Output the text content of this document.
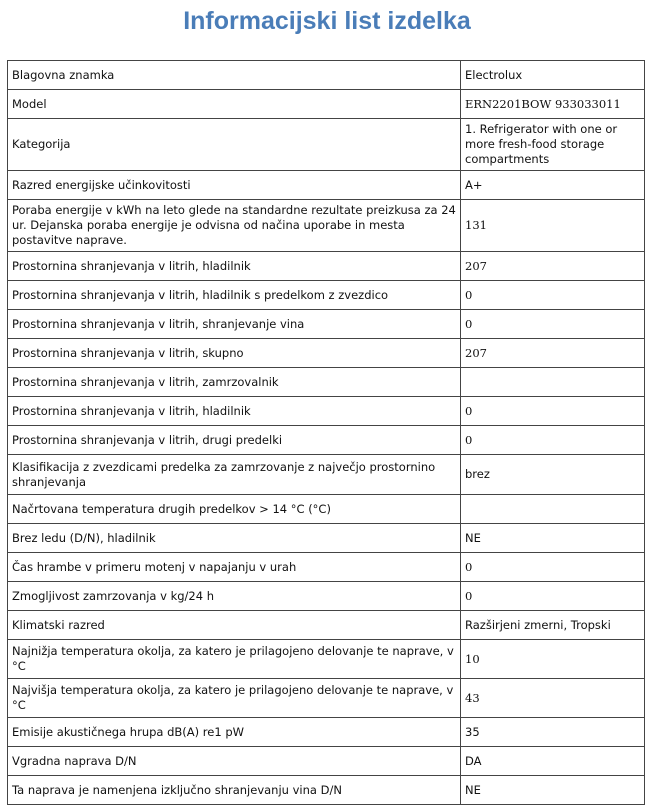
Informacijski list izdelka
Blagovna znamka	Electrolux
Model	ERN2201BOW 933033011
Kategorija	1. Refrigerator with one or more fresh-food storage compartments
Razred energijske učinkovitosti	A+
Poraba energije v kWh na leto glede na standardne rezultate preizkusa za 24 ur. Dejanska poraba energije je odvisna od načina uporabe in mesta postavitve naprave.	131
Prostornina shranjevanja v litrih, hladilnik	207
Prostornina shranjevanja v litrih, hladilnik s predelkom z zvezdico	0
Prostornina shranjevanja v litrih, shranjevanje vina	0
Prostornina shranjevanja v litrih, skupno	207
Prostornina shranjevanja v litrih, zamrzovalnik	
Prostornina shranjevanja v litrih, hladilnik	0
Prostornina shranjevanja v litrih, drugi predelki	0
Klasifikacija z zvezdicami predelka za zamrzovanje z največjo prostornino shranjevanja	brez
Načrtovana temperatura drugih predelkov > 14 °C (°C)	
Brez ledu (D/N), hladilnik	NE
Čas hrambe v primeru motenj v napajanju v urah	0
Zmogljivost zamrzovanja v kg/24 h	0
Klimatski razred	Razširjeni zmerni, Tropski
Najnižja temperatura okolja, za katero je prilagojeno delovanje te naprave, v °C	10
Najvišja temperatura okolja, za katero je prilagojeno delovanje te naprave, v °C	43
Emisije akustičnega hrupa dB(A) re1 pW	35
Vgradna naprava D/N	DA
Ta naprava je namenjena izključno shranjevanju vina D/N	NE
